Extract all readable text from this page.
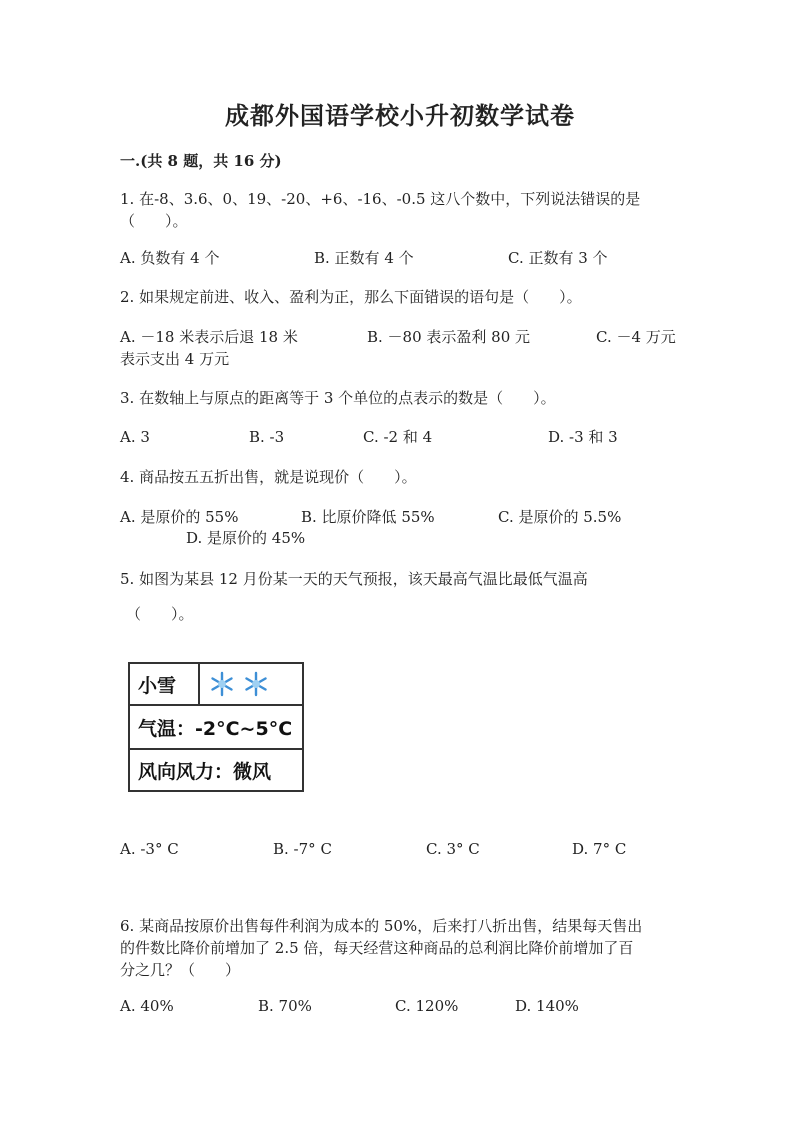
成都外国语学校小升初数学试卷
一.(共 8 题，共 16 分)
1. 在-8、3.6、0、19、-20、+6、-16、-0.5 这八个数中，下列说法错误的是
（　　）。
A. 负数有 4 个	B. 正数有 4 个	C. 正数有 3 个
2. 如果规定前进、收入、盈利为正，那么下面错误的语句是（　　）。
A. －18 米表示后退 18 米	B. －80 表示盈利 80 元	C. －4 万元
表示支出 4 万元
3. 在数轴上与原点的距离等于 3 个单位的点表示的数是（　　）。
A. 3	B. -3	C. -2 和 4	D. -3 和 3
4. 商品按五五折出售，就是说现价（　　）。
A. 是原价的 55%	B. 比原价降低 55%	C. 是原价的 5.5%
D. 是原价的 45%
5. 如图为某县 12 月份某一天的天气预报，该天最高气温比最低气温高
（　　）。
小雪
气温：-2°C~5°C
风向风力：微风
A. -3° C	B. -7° C	C. 3° C	D. 7° C
6. 某商品按原价出售每件利润为成本的 50%，后来打八折出售，结果每天售出
的件数比降价前增加了 2.5 倍，每天经营这种商品的总利润比降价前增加了百
分之几？（　　）
A. 40%	B. 70%	C. 120%	D. 140%
